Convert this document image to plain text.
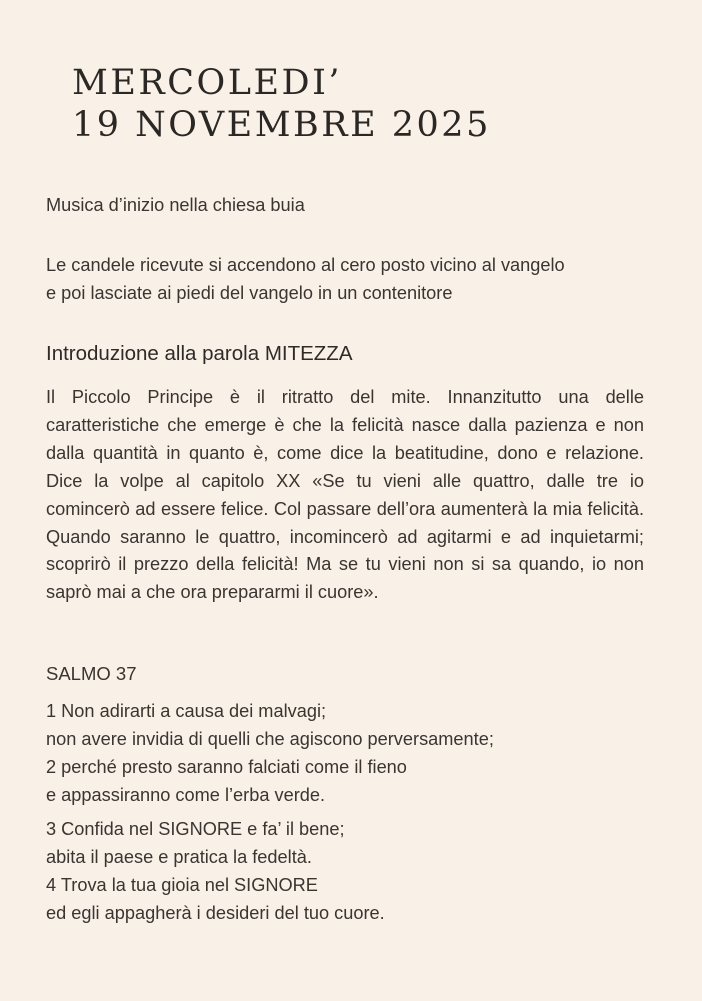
MERCOLEDI’
19 NOVEMBRE 2025

Musica d’inizio nella chiesa buia

Le candele ricevute si accendono al cero posto vicino al vangelo
e poi lasciate ai piedi del vangelo in un contenitore

Introduzione alla parola MITEZZA

Il Piccolo Principe è il ritratto del mite. Innanzitutto una delle caratteristiche che emerge è che la felicità nasce dalla pazienza e non dalla quantità in quanto è, come dice la beatitudine, dono e relazione. Dice la volpe al capitolo XX «Se tu vieni alle quattro, dalle tre io comincerò ad essere felice. Col passare dell’ora aumenterà la mia felicità. Quando saranno le quattro, incomincerò ad agitarmi e ad inquietarmi; scoprirò il prezzo della felicità! Ma se tu vieni non si sa quando, io non saprò mai a che ora prepararmi il cuore».

SALMO 37
1 Non adirarti a causa dei malvagi;
non avere invidia di quelli che agiscono perversamente;
2 perché presto saranno falciati come il fieno
e appassiranno come l’erba verde.
3 Confida nel SIGNORE e fa’ il bene;
abita il paese e pratica la fedeltà.
4 Trova la tua gioia nel SIGNORE
ed egli appagherà i desideri del tuo cuore.
